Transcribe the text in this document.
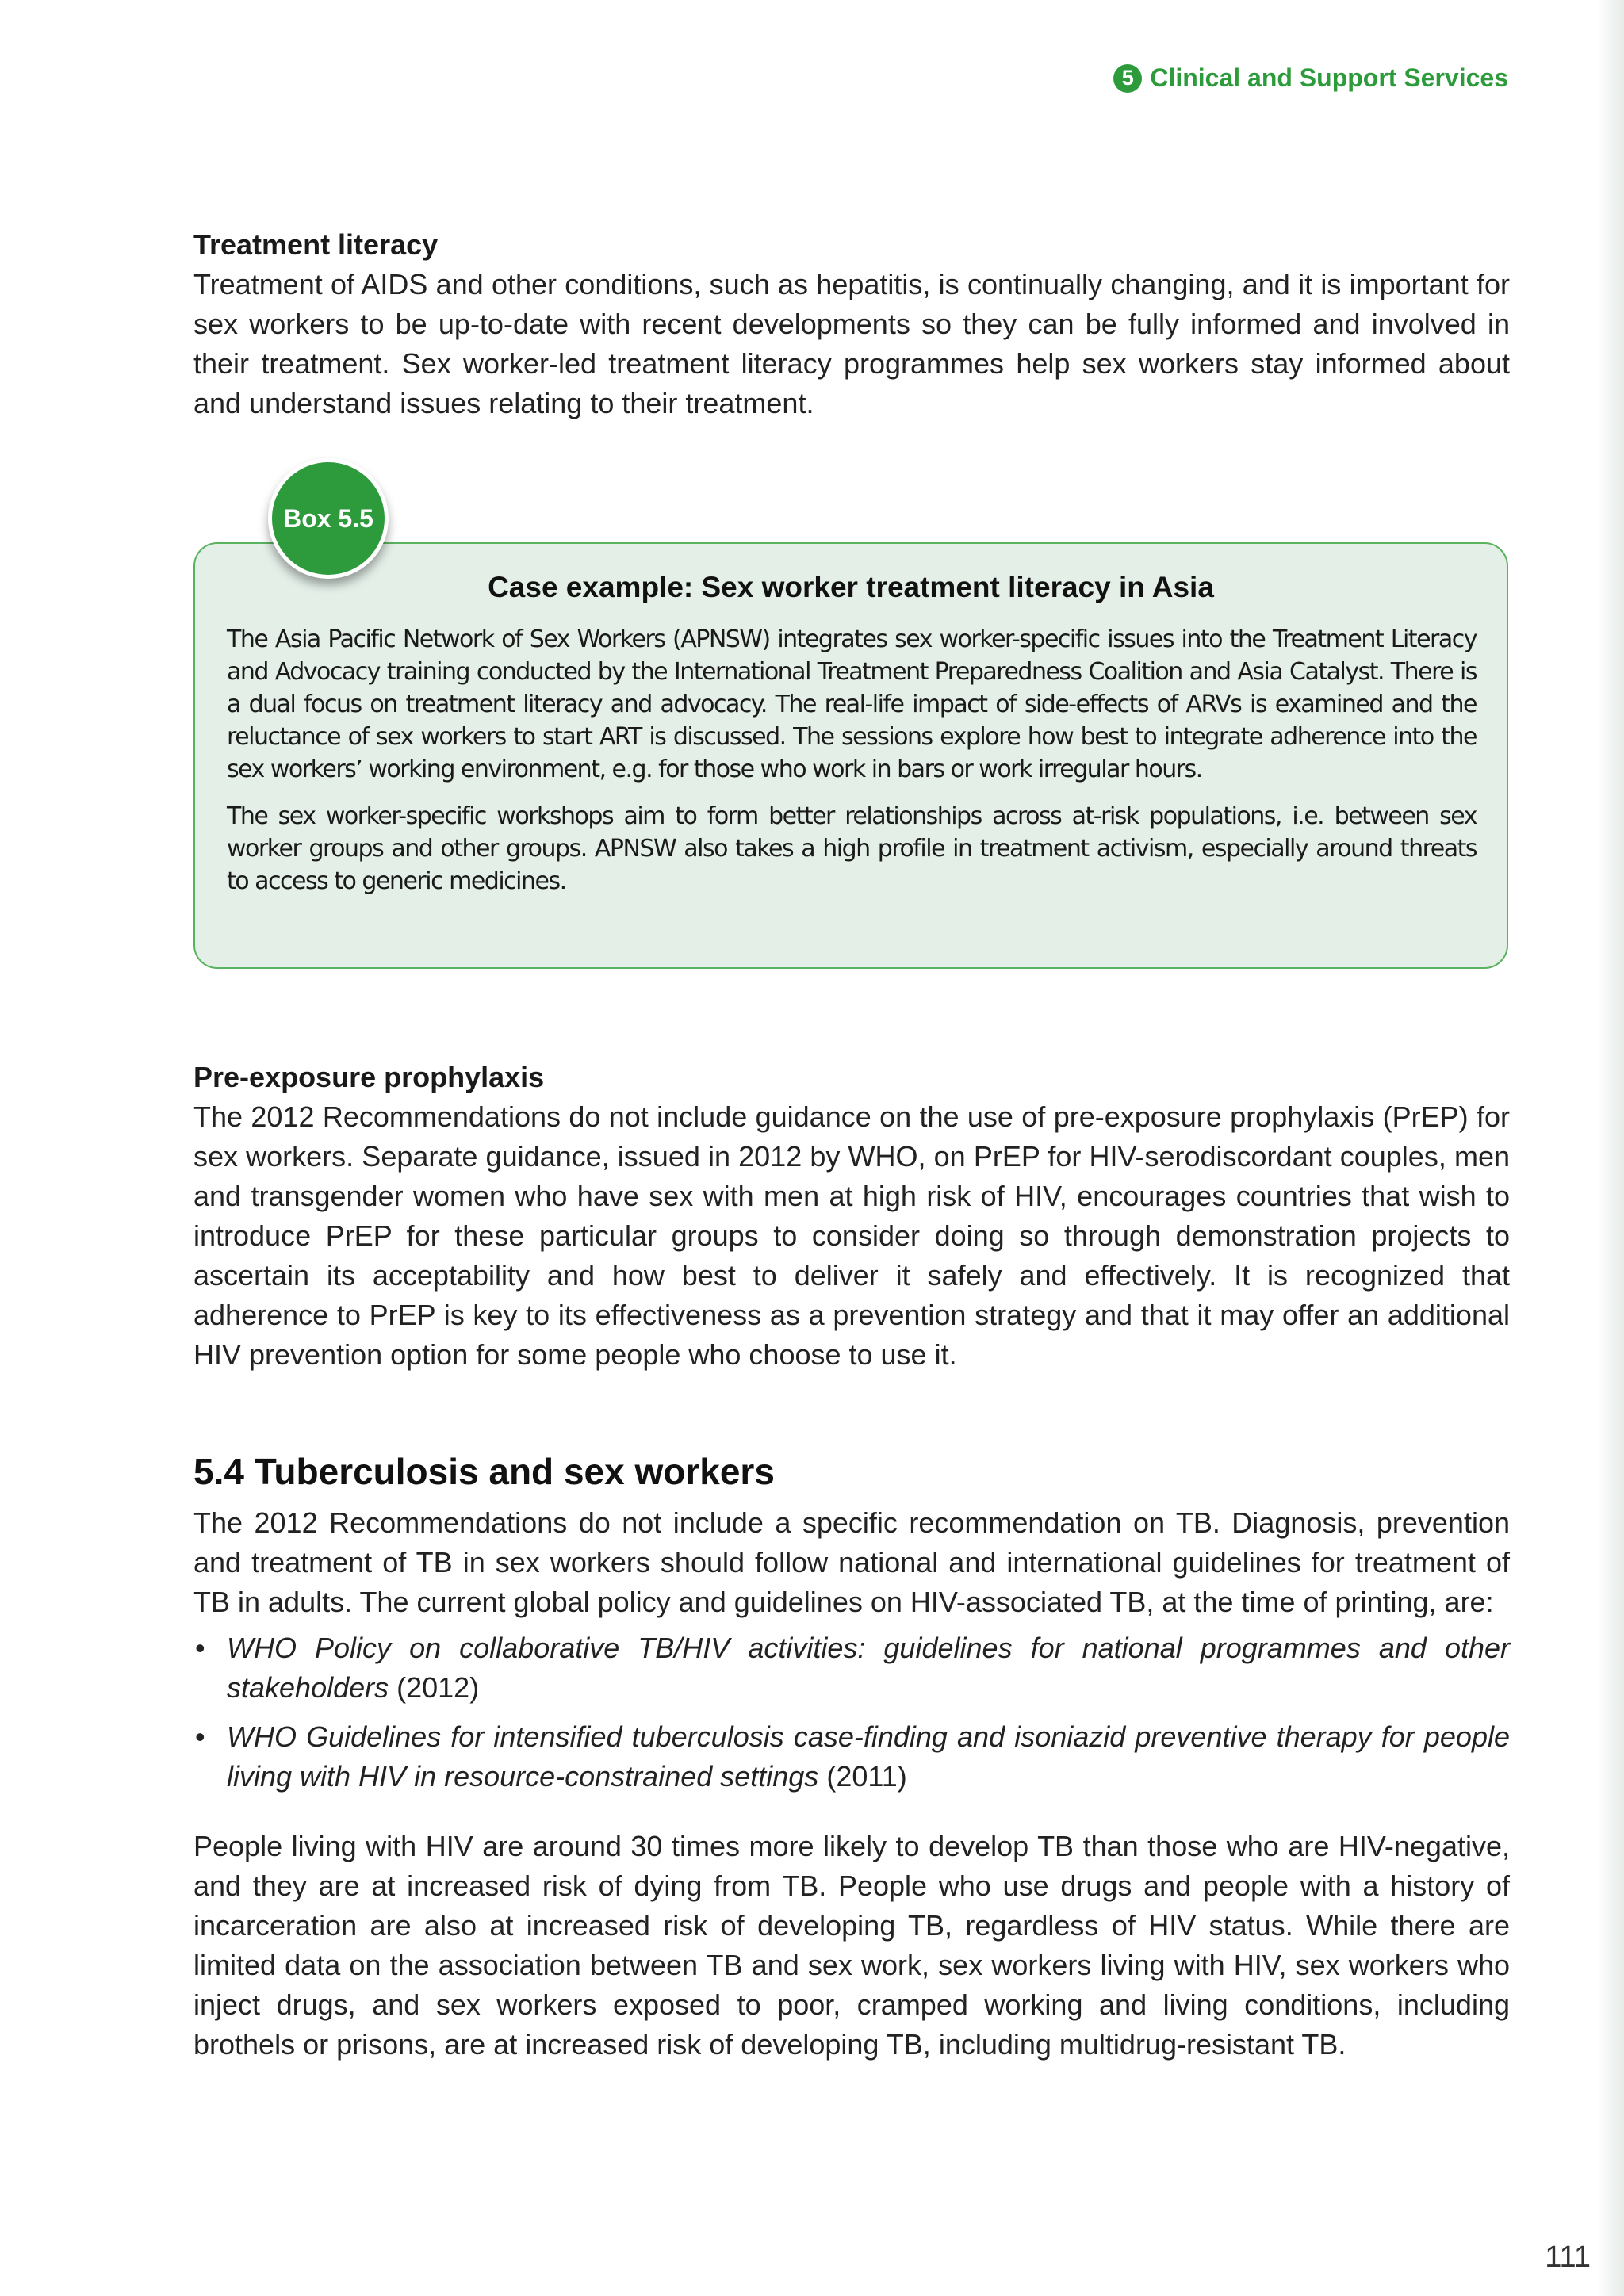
5 Clinical and Support Services
Treatment literacy

Treatment of AIDS and other conditions, such as hepatitis, is continually changing, and it is important for sex workers to be up-to-date with recent developments so they can be fully informed and involved in their treatment. Sex worker-led treatment literacy programmes help sex workers stay informed about and understand issues relating to their treatment.

Case example: Sex worker treatment literacy in Asia

The Asia Pacific Network of Sex Workers (APNSW) integrates sex worker-specific issues into the Treatment Literacy and Advocacy training conducted by the International Treatment Preparedness Coalition and Asia Catalyst. There is a dual focus on treatment literacy and advocacy. The real-life impact of side-effects of ARVs is examined and the reluctance of sex workers to start ART is discussed. The sessions explore how best to integrate adherence into the sex workers’ working environment, e.g. for those who work in bars or work irregular hours.

The sex worker-specific workshops aim to form better relationships across at-risk populations, i.e. between sex worker groups and other groups. APNSW also takes a high profile in treatment activism, especially around threats to access to generic medicines.

Box 5.5
Pre-exposure prophylaxis

The 2012 Recommendations do not include guidance on the use of pre-exposure prophylaxis (PrEP) for sex workers. Separate guidance, issued in 2012 by WHO, on PrEP for HIV-serodiscordant couples, men and transgender women who have sex with men at high risk of HIV, encourages countries that wish to introduce PrEP for these particular groups to consider doing so through demonstration projects to ascertain its acceptability and how best to deliver it safely and effectively. It is recognized that adherence to PrEP is key to its effectiveness as a prevention strategy and that it may offer an additional HIV prevention option for some people who choose to use it.

5.4 Tuberculosis and sex workers

The 2012 Recommendations do not include a specific recommendation on TB. Diagnosis, prevention and treatment of TB in sex workers should follow national and international guidelines for treatment of TB in adults. The current global policy and guidelines on HIV-associated TB, at the time of printing, are:

• WHO Policy on collaborative TB/HIV activities: guidelines for national programmes and other stakeholders (2012)
• WHO Guidelines for intensified tuberculosis case-finding and isoniazid preventive therapy for people living with HIV in resource-constrained settings (2011)

People living with HIV are around 30 times more likely to develop TB than those who are HIV-negative, and they are at increased risk of dying from TB. People who use drugs and people with a history of incarceration are also at increased risk of developing TB, regardless of HIV status. While there are limited data on the association between TB and sex work, sex workers living with HIV, sex workers who inject drugs, and sex workers exposed to poor, cramped working and living conditions, including brothels or prisons, are at increased risk of developing TB, including multidrug-resistant TB.

111
